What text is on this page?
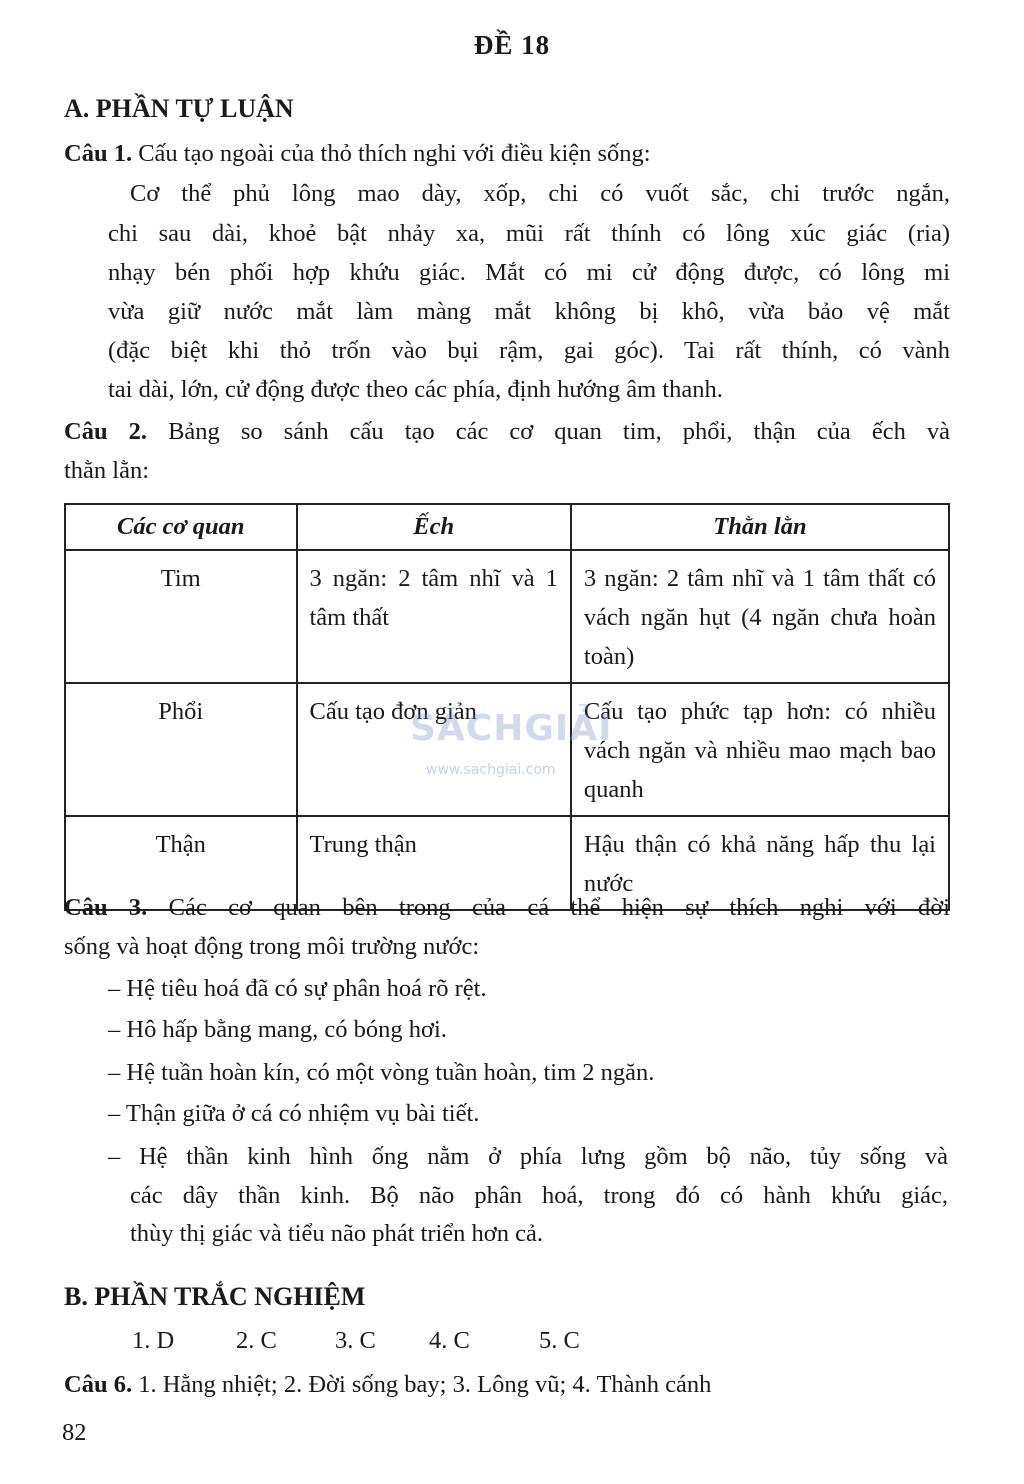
ĐỀ 18
A. PHẦN TỰ LUẬN
Câu 1. Cấu tạo ngoài của thỏ thích nghi với điều kiện sống:
Cơ thể phủ lông mao dày, xốp, chi có vuốt sắc, chi trước ngắn,
chi sau dài, khoẻ bật nhảy xa, mũi rất thính có lông xúc giác (ria)
nhạy bén phối hợp khứu giác. Mắt có mi cử động được, có lông mi
vừa giữ nước mắt làm màng mắt không bị khô, vừa bảo vệ mắt
(đặc biệt khi thỏ trốn vào bụi rậm, gai góc). Tai rất thính, có vành
tai dài, lớn, cử động được theo các phía, định hướng âm thanh.
Câu 2. Bảng so sánh cấu tạo các cơ quan tim, phổi, thận của ếch và
thằn lằn:
Các cơ quan	Ếch	Thằn lằn
Tim	3 ngăn: 2 tâm nhĩ và 1 tâm thất	3 ngăn: 2 tâm nhĩ và 1 tâm thất có vách ngăn hụt (4 ngăn chưa hoàn toàn)
Phổi	Cấu tạo đơn giản	Cấu tạo phức tạp hơn: có nhiều vách ngăn và nhiều mao mạch bao quanh
Thận	Trung thận	Hậu thận có khả năng hấp thu lại nước
SÁCHGIẢI
www.sachgiai.com
Câu 3. Các cơ quan bên trong của cá thể hiện sự thích nghi với đời
sống và hoạt động trong môi trường nước:
– Hệ tiêu hoá đã có sự phân hoá rõ rệt.
– Hô hấp bằng mang, có bóng hơi.
– Hệ tuần hoàn kín, có một vòng tuần hoàn, tim 2 ngăn.
– Thận giữa ở cá có nhiệm vụ bài tiết.
– Hệ thần kinh hình ống nằm ở phía lưng gồm bộ não, tủy sống và
các dây thần kinh. Bộ não phân hoá, trong đó có hành khứu giác,
thùy thị giác và tiểu não phát triển hơn cả.
B. PHẦN TRẮC NGHIỆM
1. D	2. C 3. C 4. C	5. C
Câu 6. 1. Hằng nhiệt; 2. Đời sống bay; 3. Lông vũ; 4. Thành cánh
82
